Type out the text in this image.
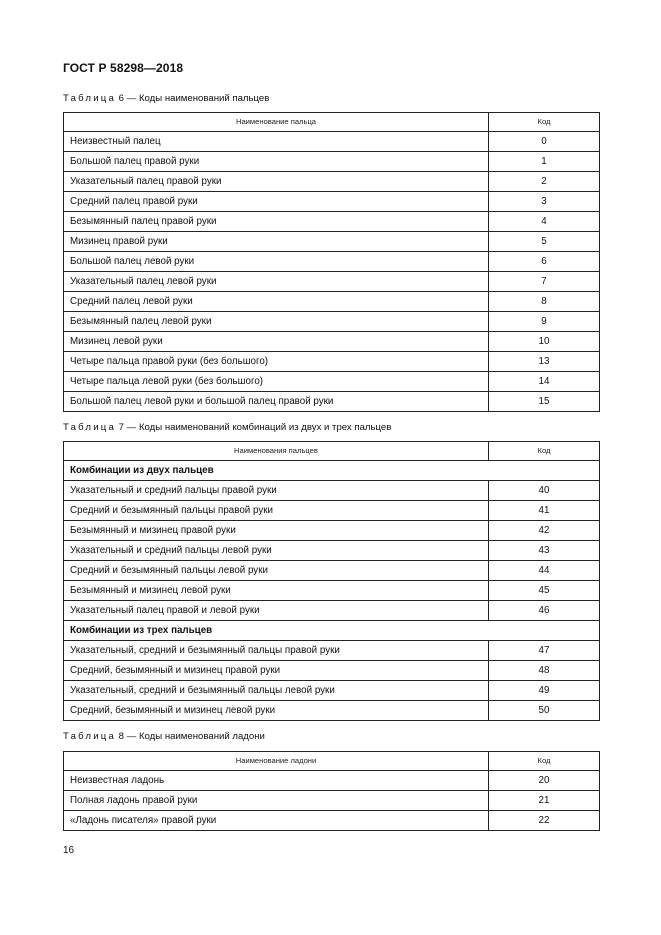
ГОСТ Р 58298—2018
Таблица 6 — Коды наименований пальцев
Наименование пальца	Код
Неизвестный палец	0
Большой палец правой руки	1
Указательный палец правой руки	2
Средний палец правой руки	3
Безымянный палец правой руки	4
Мизинец правой руки	5
Большой палец левой руки	6
Указательный палец левой руки	7
Средний палец левой руки	8
Безымянный палец левой руки	9
Мизинец левой руки	10
Четыре пальца правой руки (без большого)	13
Четыре пальца левой руки (без большого)	14
Большой палец левой руки и большой палец правой руки	15
Таблица 7 — Коды наименований комбинаций из двух и трех пальцев
Наименования пальцев	Код
Комбинации из двух пальцев	
Указательный и средний пальцы правой руки	40
Средний и безымянный пальцы правой руки	41
Безымянный и мизинец правой руки	42
Указательный и средний пальцы левой руки	43
Средний и безымянный пальцы левой руки	44
Безымянный и мизинец левой руки	45
Указательный палец правой и левой руки	46
Комбинации из трех пальцев	
Указательный, средний и безымянный пальцы правой руки	47
Средний, безымянный и мизинец правой руки	48
Указательный, средний и безымянный пальцы левой руки	49
Средний, безымянный и мизинец левой руки	50
Таблица 8 — Коды наименований ладони
Наименование ладони	Код
Неизвестная ладонь	20
Полная ладонь правой руки	21
«Ладонь писателя» правой руки	22
16
